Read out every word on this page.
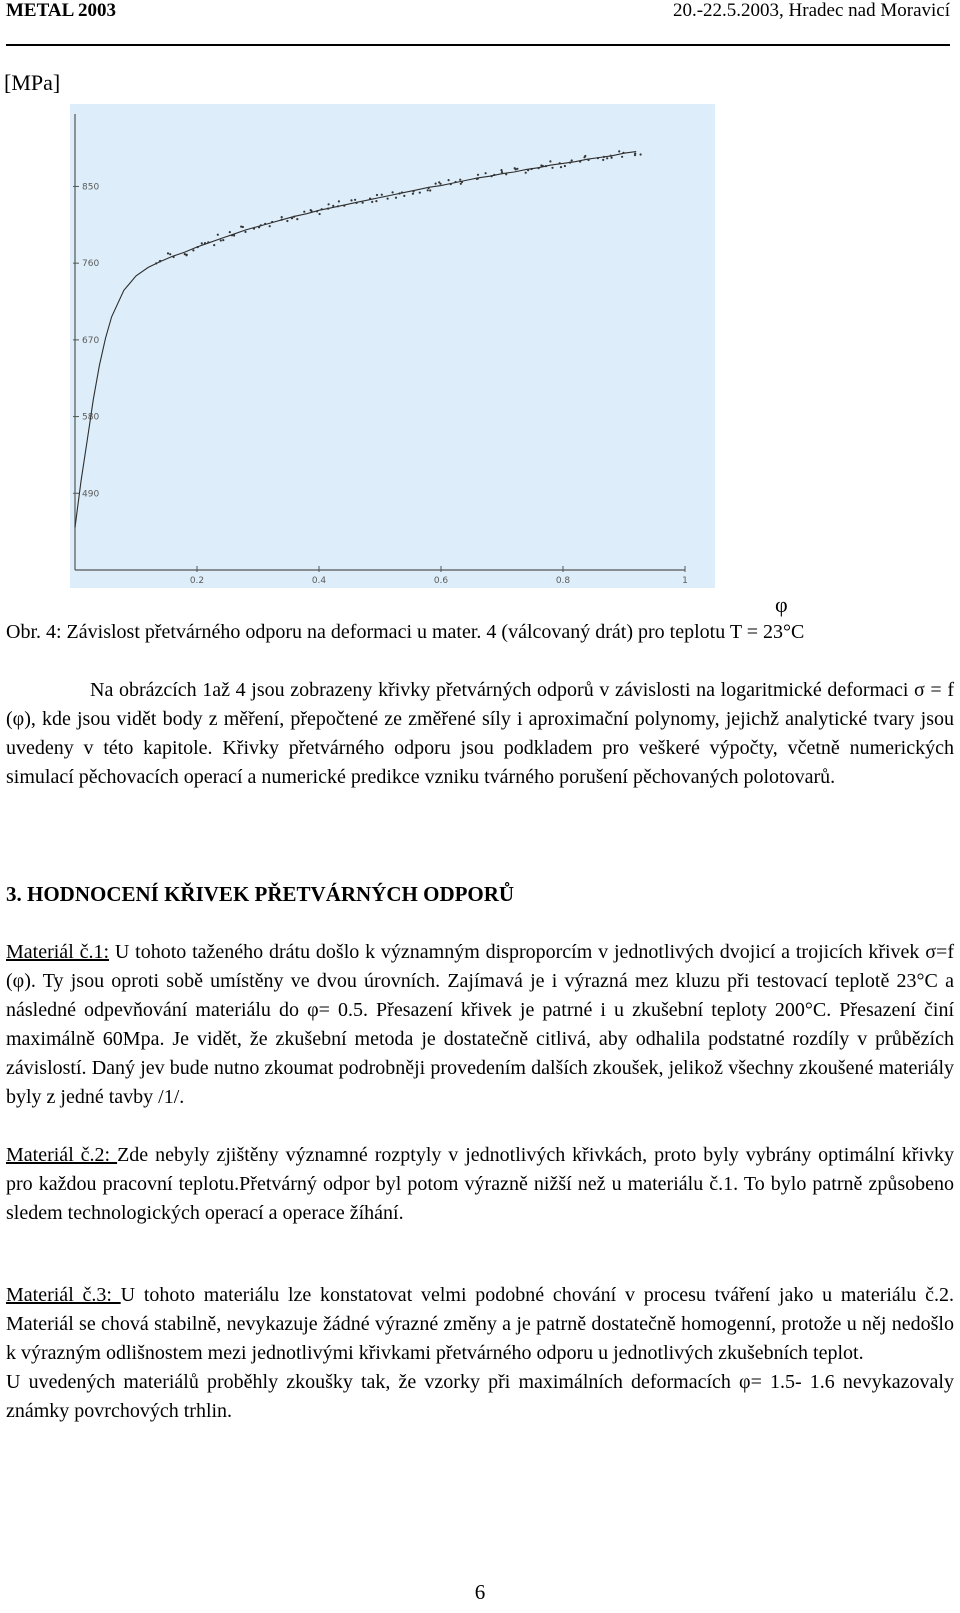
METAL 2003	20.-22.5.2003, Hradec nad Moravicí
[MPa]
0.2	0.4	0.6	0.8	1
490
580
670
760
850
φ
Obr. 4: Závislost přetvárného odporu na deformaci u mater. 4 (válcovaný drát) pro teplotu T = 23°C
Na obrázcích 1až 4 jsou zobrazeny křivky přetvárných odporů v závislosti na logaritmické deformaci σ = f (φ), kde jsou vidět body z měření, přepočtené ze změřené síly i aproximační polynomy, jejichž analytické tvary jsou uvedeny v této kapitole. Křivky přetvárného odporu jsou podkladem pro veškeré výpočty, včetně numerických simulací pěchovacích operací a numerické predikce vzniku tvárného porušení pěchovaných polotovarů.
3. HODNOCENÍ KŘIVEK PŘETVÁRNÝCH ODPORŮ
Materiál č.1: U tohoto taženého drátu došlo k významným disproporcím v jednotlivých dvojicí a trojicích křivek σ=f (φ). Ty jsou oproti sobě umístěny ve dvou úrovních. Zajímavá je i výrazná mez kluzu při testovací teplotě 23°C a následné odpevňování materiálu do φ= 0.5. Přesazení křivek je patrné i u zkušební teploty 200°C. Přesazení činí maximálně 60Mpa. Je vidět, že zkušební metoda je dostatečně citlivá, aby odhalila podstatné rozdíly v průbězích závislostí. Daný jev bude nutno zkoumat podrobněji provedením dalších zkoušek, jelikož všechny zkoušené materiály byly z jedné tavby /1/.
Materiál č.2: Zde nebyly zjištěny významné rozptyly v jednotlivých křivkách, proto byly vybrány optimální křivky pro každou pracovní teplotu.Přetvárný odpor byl potom výrazně nižší než u materiálu č.1. To bylo patrně způsobeno sledem technologických operací a operace žíhání.
Materiál č.3: U tohoto materiálu lze konstatovat velmi podobné chování v procesu tváření jako u materiálu č.2. Materiál se chová stabilně, nevykazuje žádné výrazné změny a je patrně dostatečně homogenní, protože u něj nedošlo k výrazným odlišnostem mezi jednotlivými křivkami přetvárného odporu u jednotlivých zkušebních teplot.
U uvedených materiálů proběhly zkoušky tak, že vzorky při maximálních deformacích φ= 1.5- 1.6 nevykazovaly známky povrchových trhlin.
6
